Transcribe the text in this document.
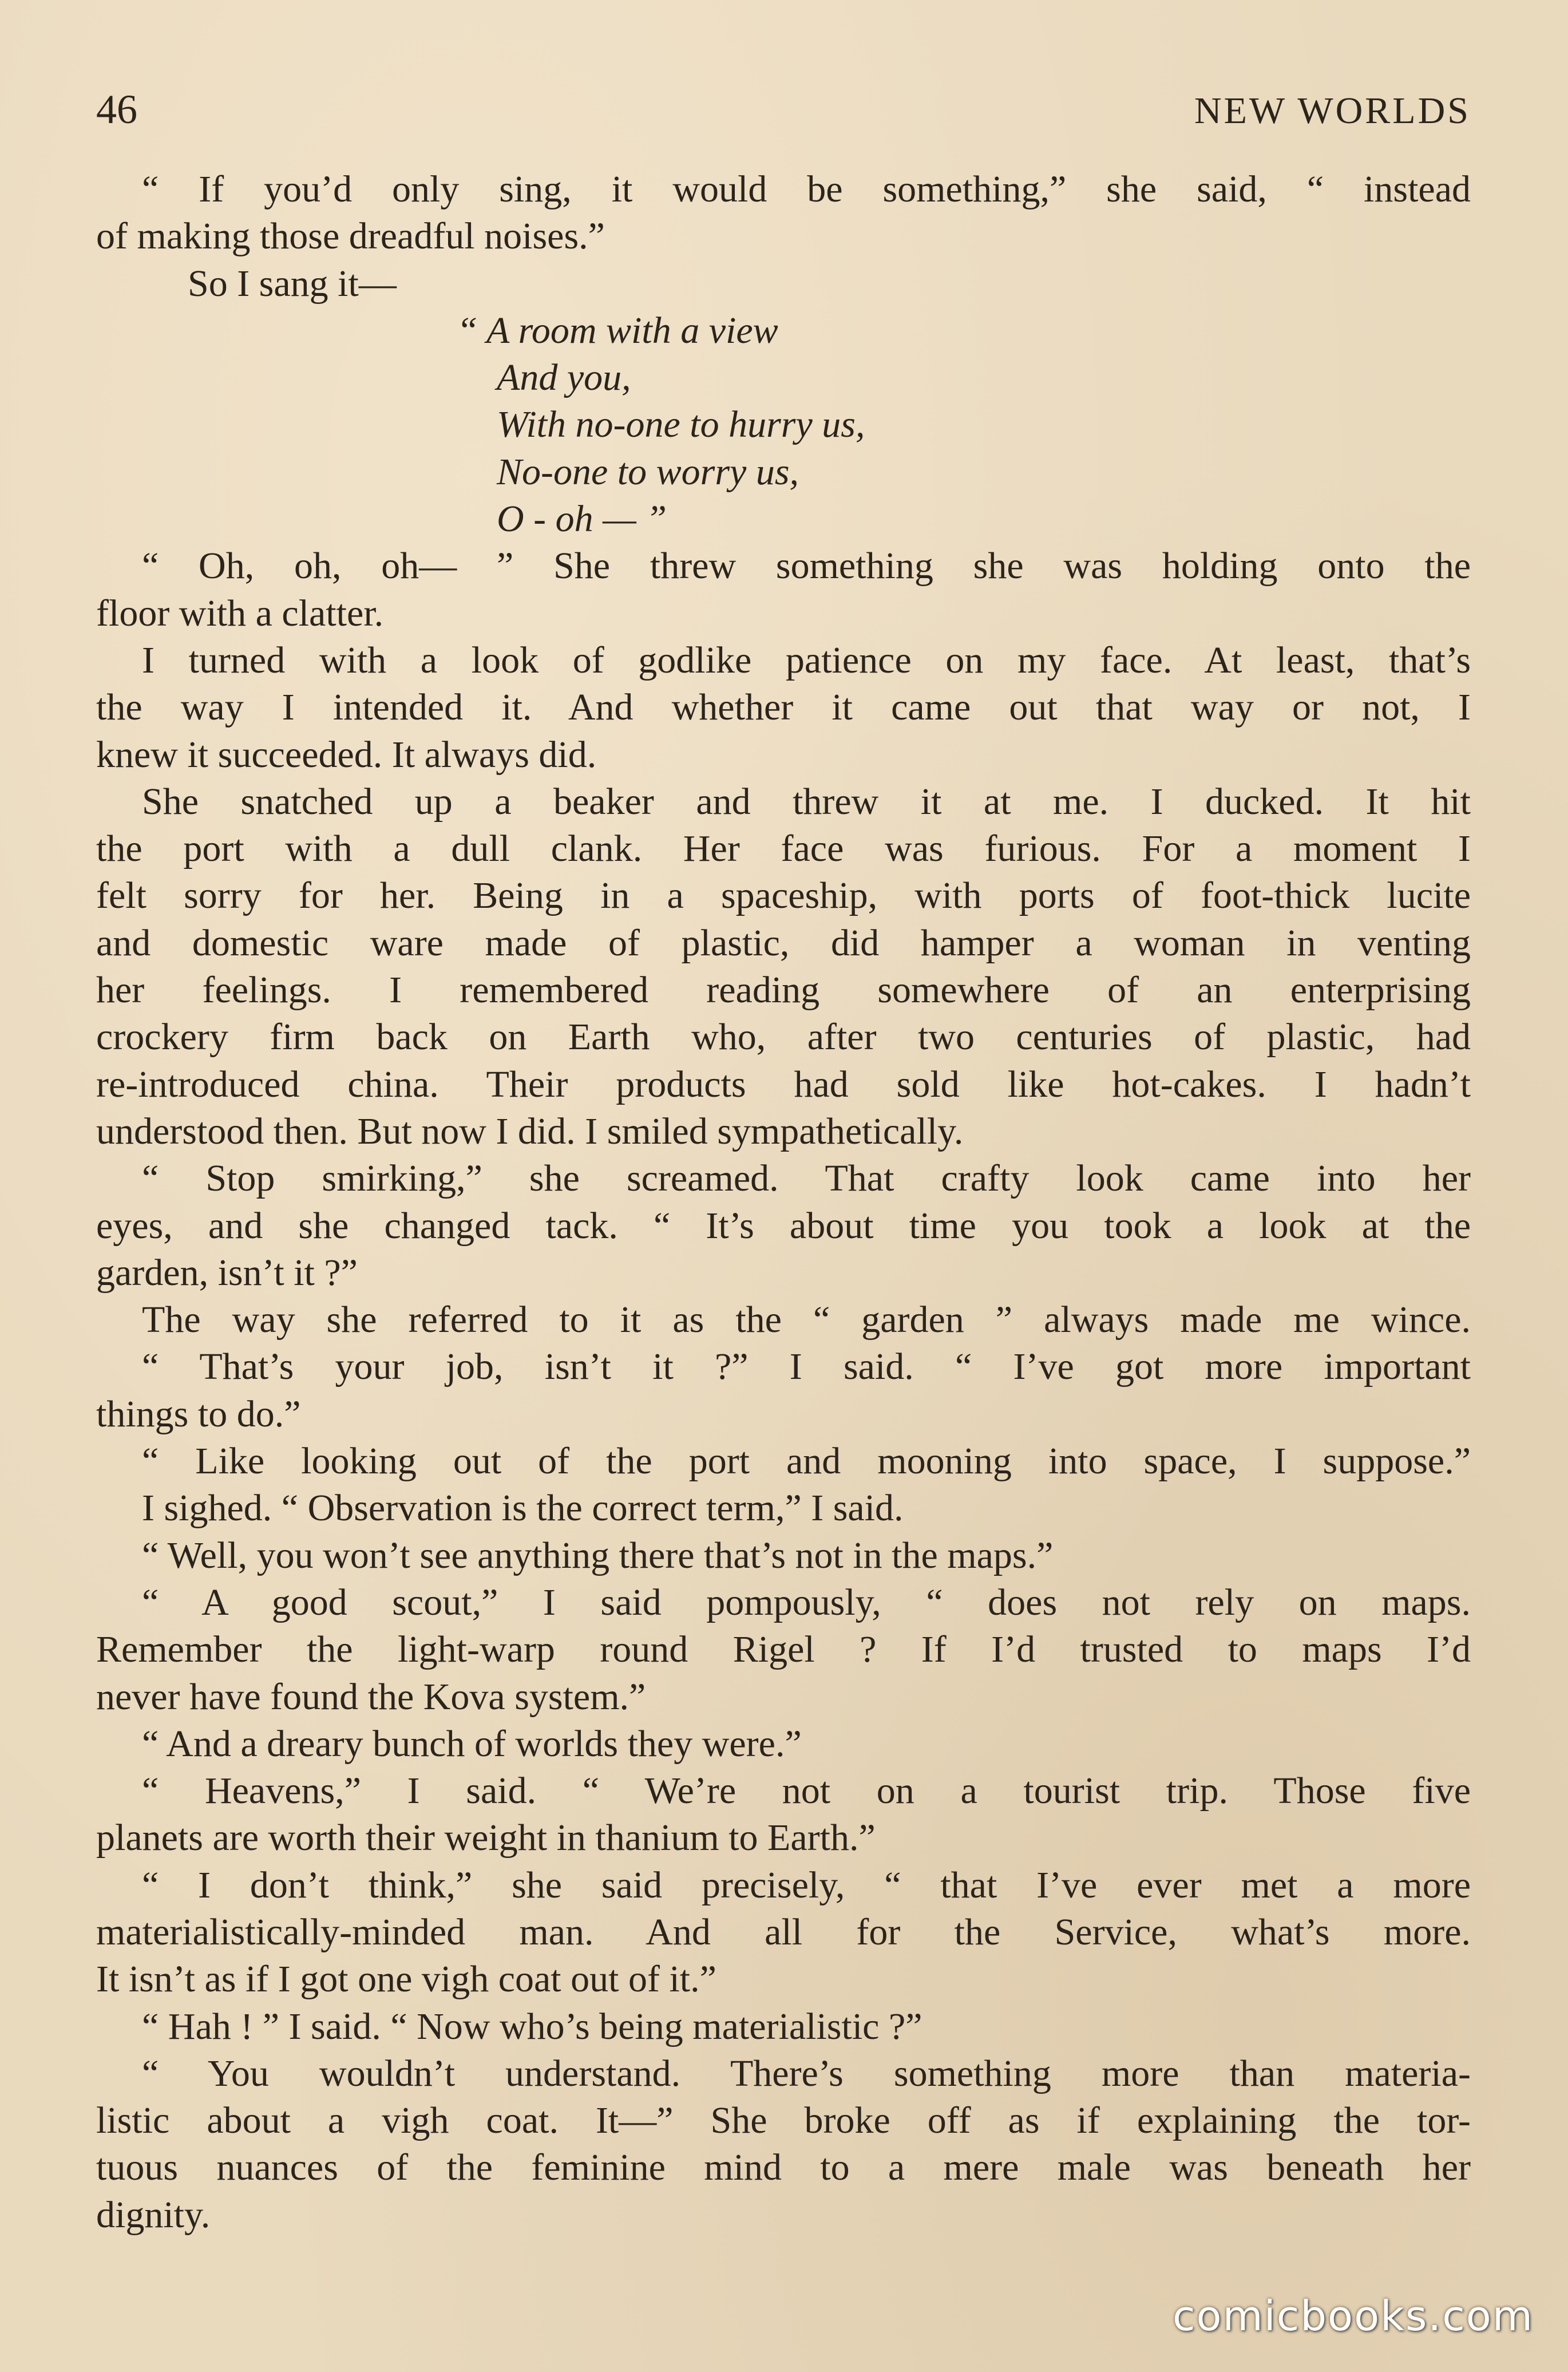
46	NEW WORLDS
“ If you’d only sing, it would be something,” she said, “ instead
of making those dreadful noises.”
So I sang it—
“ A room with a view
And you,
With no-one to hurry us,
No-one to worry us,
O - oh — ”
“ Oh, oh, oh— ” She threw something she was holding onto the
floor with a clatter.
I turned with a look of godlike patience on my face. At least, that’s
the way I intended it. And whether it came out that way or not, I
knew it succeeded. It always did.
She snatched up a beaker and threw it at me. I ducked. It hit
the port with a dull clank. Her face was furious. For a moment I
felt sorry for her. Being in a spaceship, with ports of foot-thick lucite
and domestic ware made of plastic, did hamper a woman in venting
her feelings. I remembered reading somewhere of an enterprising
crockery firm back on Earth who, after two centuries of plastic, had
re-introduced china. Their products had sold like hot-cakes. I hadn’t
understood then. But now I did. I smiled sympathetically.
“ Stop smirking,” she screamed. That crafty look came into her
eyes, and she changed tack. “ It’s about time you took a look at the
garden, isn’t it ?”
The way she referred to it as the “ garden ” always made me wince.
“ That’s your job, isn’t it ?” I said. “ I’ve got more important
things to do.”
“ Like looking out of the port and mooning into space, I suppose.”
I sighed. “ Observation is the correct term,” I said.
“ Well, you won’t see anything there that’s not in the maps.”
“ A good scout,” I said pompously, “ does not rely on maps.
Remember the light-warp round Rigel ? If I’d trusted to maps I’d
never have found the Kova system.”
“ And a dreary bunch of worlds they were.”
“ Heavens,” I said. “ We’re not on a tourist trip. Those five
planets are worth their weight in thanium to Earth.”
“ I don’t think,” she said precisely, “ that I’ve ever met a more
materialistically-minded man. And all for the Service, what’s more.
It isn’t as if I got one vigh coat out of it.”
“ Hah ! ” I said. “ Now who’s being materialistic ?”
“ You wouldn’t understand. There’s something more than materia-
listic about a vigh coat. It—” She broke off as if explaining the tor-
tuous nuances of the feminine mind to a mere male was beneath her
dignity.
comicbooks.com
